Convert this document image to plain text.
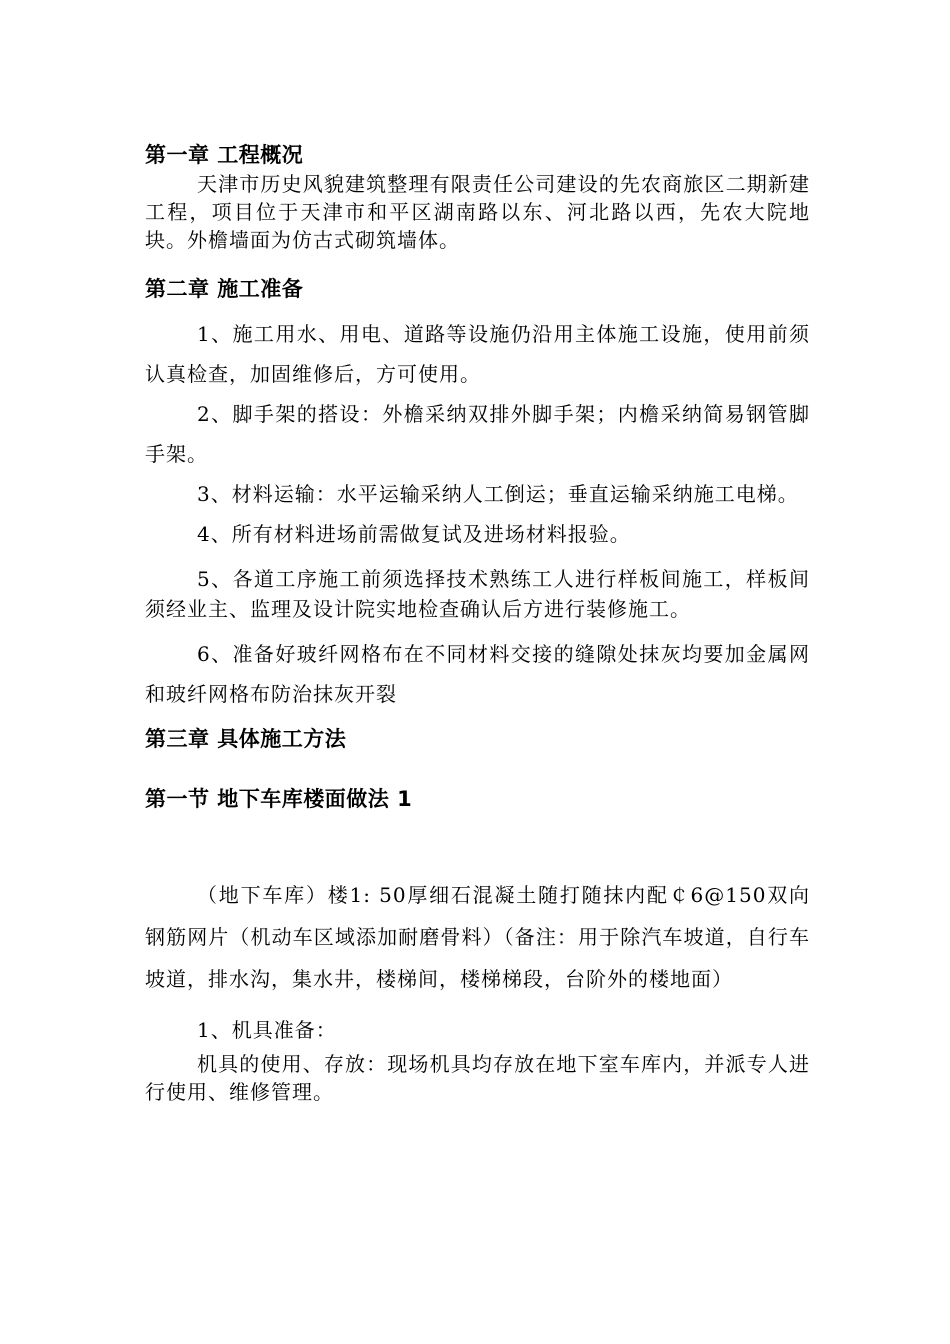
第一章 工程概况

天津市历史风貌建筑整理有限责任公司建设的先农商旅区二期新建工程，项目位于天津市和平区湖南路以东、河北路以西，先农大院地块。外檐墙面为仿古式砌筑墙体。

第二章 施工准备

1、施工用水、用电、道路等设施仍沿用主体施工设施，使用前须认真检查，加固维修后，方可使用。

2、脚手架的搭设：外檐采纳双排外脚手架；内檐采纳简易钢管脚手架。

3、材料运输：水平运输采纳人工倒运；垂直运输采纳施工电梯。

4、所有材料进场前需做复试及进场材料报验。

5、各道工序施工前须选择技术熟练工人进行样板间施工，样板间须经业主、监理及设计院实地检查确认后方进行装修施工。

6、准备好玻纤网格布在不同材料交接的缝隙处抹灰均要加金属网和玻纤网格布防治抹灰开裂

第三章 具体施工方法
第一节 地下车库楼面做法 1

（地下车库）楼1: 50厚细石混凝土随打随抹内配￠6@150双向钢筋网片（机动车区域添加耐磨骨料）（备注：用于除汽车坡道，自行车坡道，排水沟，集水井，楼梯间，楼梯梯段，台阶外的楼地面）

1、机具准备：

机具的使用、存放：现场机具均存放在地下室车库内，并派专人进行使用、维修管理。
